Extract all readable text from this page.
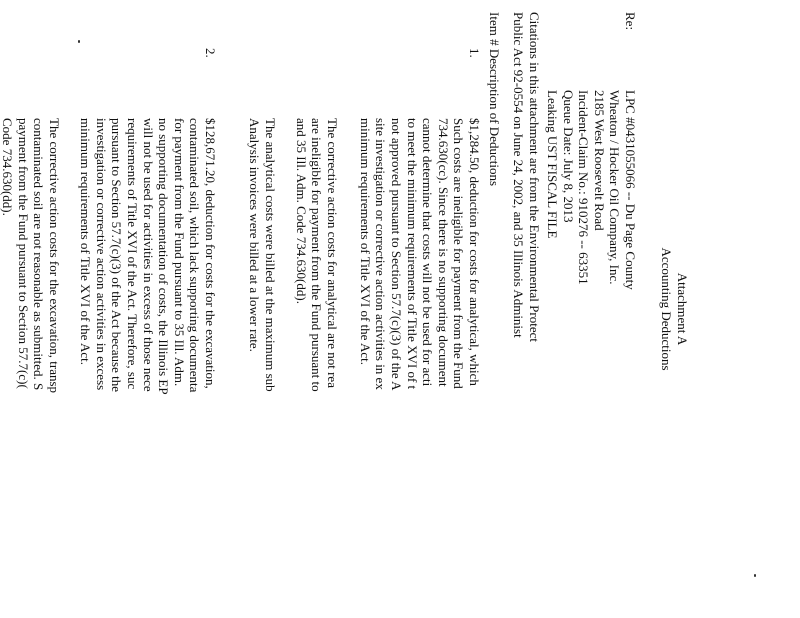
Attachment A
Accounting Deductions
Re:
LPC #0431055066 -- Du Page County
Wheaton / Hocker Oil Company, Inc.
2185 West Roosevelt Road
Incident-Claim No.: 910276 -- 63351
Queue Date: July 8, 2013
Leaking UST FISCAL FILE
Citations in this attachment are from the Environmental Protect
Public Act 92-0554 on June 24, 2002, and 35 Illinois Administ
Item # Description of Deductions
1.
$1,284.50, deduction for costs for analytical, which
Such costs are ineligible for payment from the Fund
734.630(cc). Since there is no supporting document
cannot determine that costs will not be used for acti
to meet the minimum requirements of Title XVI of t
not approved pursuant to Section 57.7(c)(3) of the A
site investigation or corrective action activities in ex
minimum requirements of Title XVI of the Act.
The corrective action costs for analytical are not rea
are ineligible for payment from the Fund pursuant to
and 35 Ill. Adm. Code 734.630(dd).
The analytical costs were billed at the maximum sub
Analysis invoices were billed at a lower rate.
2.
$128,671.20, deduction for costs for the excavation,
contaminated soil, which lack supporting documenta
for payment from the Fund pursuant to 35 Ill. Adm.
no supporting documentation of costs, the Illinois EP
will not be used for activities in excess of those nece
requirements of Title XVI of the Act. Therefore, suc
pursuant to Section 57.7(c)(3) of the Act because the
investigation or corrective action activities in excess
minimum requirements of Title XVI of the Act.
The corrective action costs for the excavation, transp
contaminated soil are not reasonable as submitted. S
payment from the Fund pursuant to Section 57.7(c)(
Code 734.630(dd).
